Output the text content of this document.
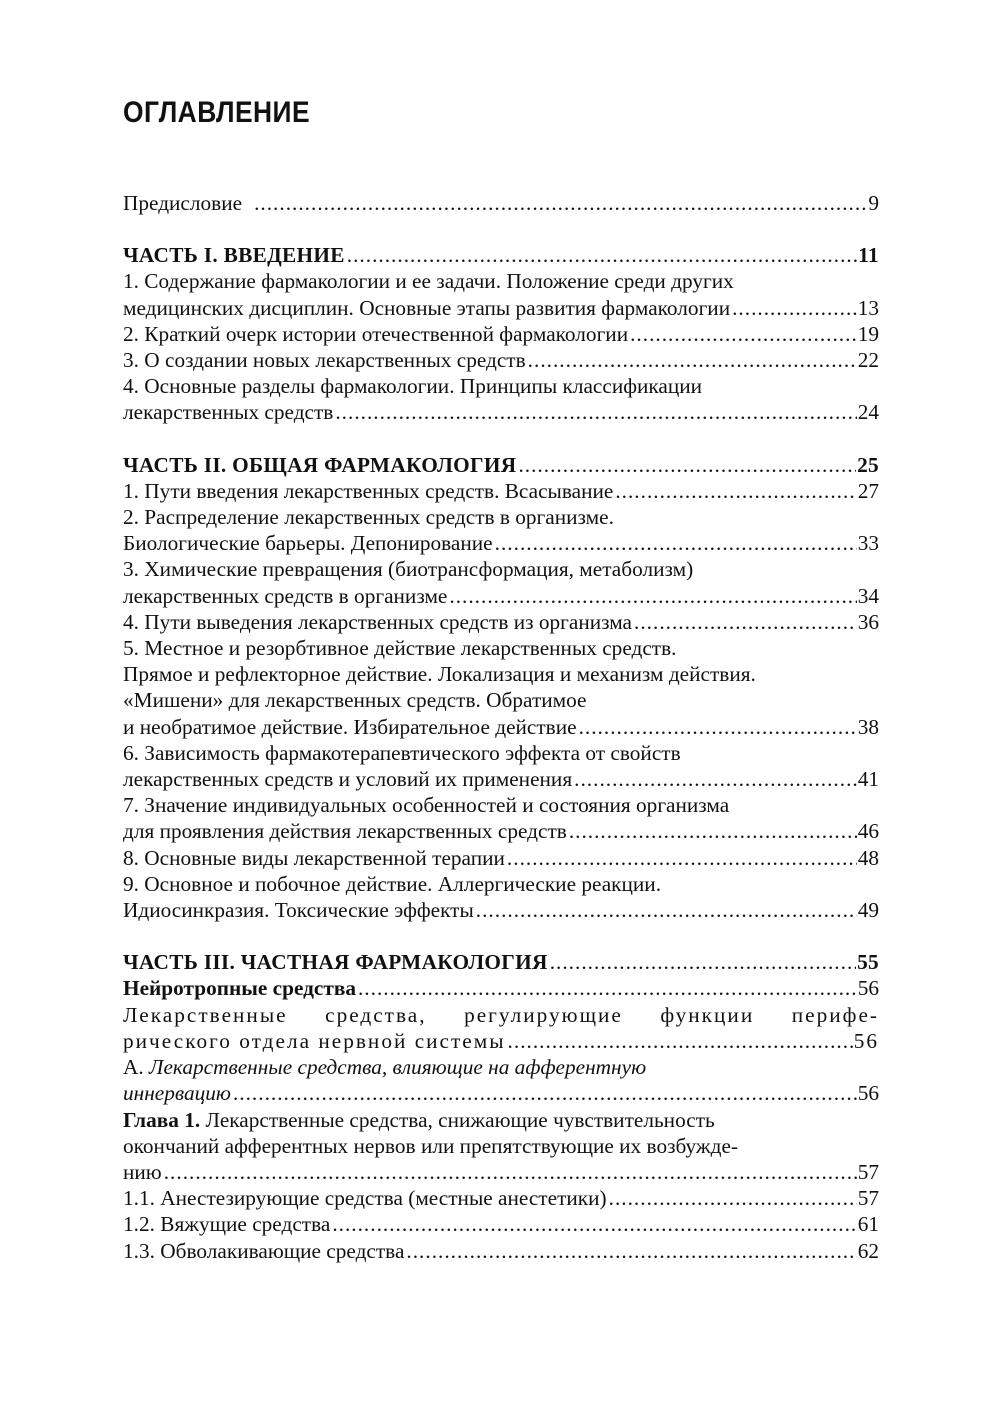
ОГЛАВЛЕНИЕ
Предисловие .....	9
ЧАСТЬ I. ВВЕДЕНИЕ .....	11
1. Содержание фармакологии и ее задачи. Положение среди других
медицинских дисциплин. Основные этапы развития фармакологии .....	13
2. Краткий очерк истории отечественной фармакологии .....	19
3. О создании новых лекарственных средств .....	22
4. Основные разделы фармакологии. Принципы классификации
лекарственных средств .....	24
ЧАСТЬ II. ОБЩАЯ ФАРМАКОЛОГИЯ .....	25
1. Пути введения лекарственных средств. Всасывание .....	27
2. Распределение лекарственных средств в организме.
Биологические барьеры. Депонирование .....	33
3. Химические превращения (биотрансформация, метаболизм)
лекарственных средств в организме .....	34
4. Пути выведения лекарственных средств из организма .....	36
5. Местное и резорбтивное действие лекарственных средств.
Прямое и рефлекторное действие. Локализация и механизм действия.
«Мишени» для лекарственных средств. Обратимое
и необратимое действие. Избирательное действие .....	38
6. Зависимость фармакотерапевтического эффекта от свойств
лекарственных средств и условий их применения .....	41
7. Значение индивидуальных особенностей и состояния организма
для проявления действия лекарственных средств .....	46
8. Основные виды лекарственной терапии .....	48
9. Основное и побочное действие. Аллергические реакции.
Идиосинкразия. Токсические эффекты .....	49
ЧАСТЬ III. ЧАСТНАЯ ФАРМАКОЛОГИЯ .....	55
Нейротропные средства .....	56
Лекарственные средства, регулирующие функции перифе-
рического отдела нервной системы .....	56
А. Лекарственные средства, влияющие на афферентную
иннервацию .....	56
Глава 1. Лекарственные средства, снижающие чувствительность
окончаний афферентных нервов или препятствующие их возбужде-
нию .....	57
1.1. Анестезирующие средства (местные анестетики) .....	57
1.2. Вяжущие средства .....	61
1.3. Обволакивающие средства .....	62
